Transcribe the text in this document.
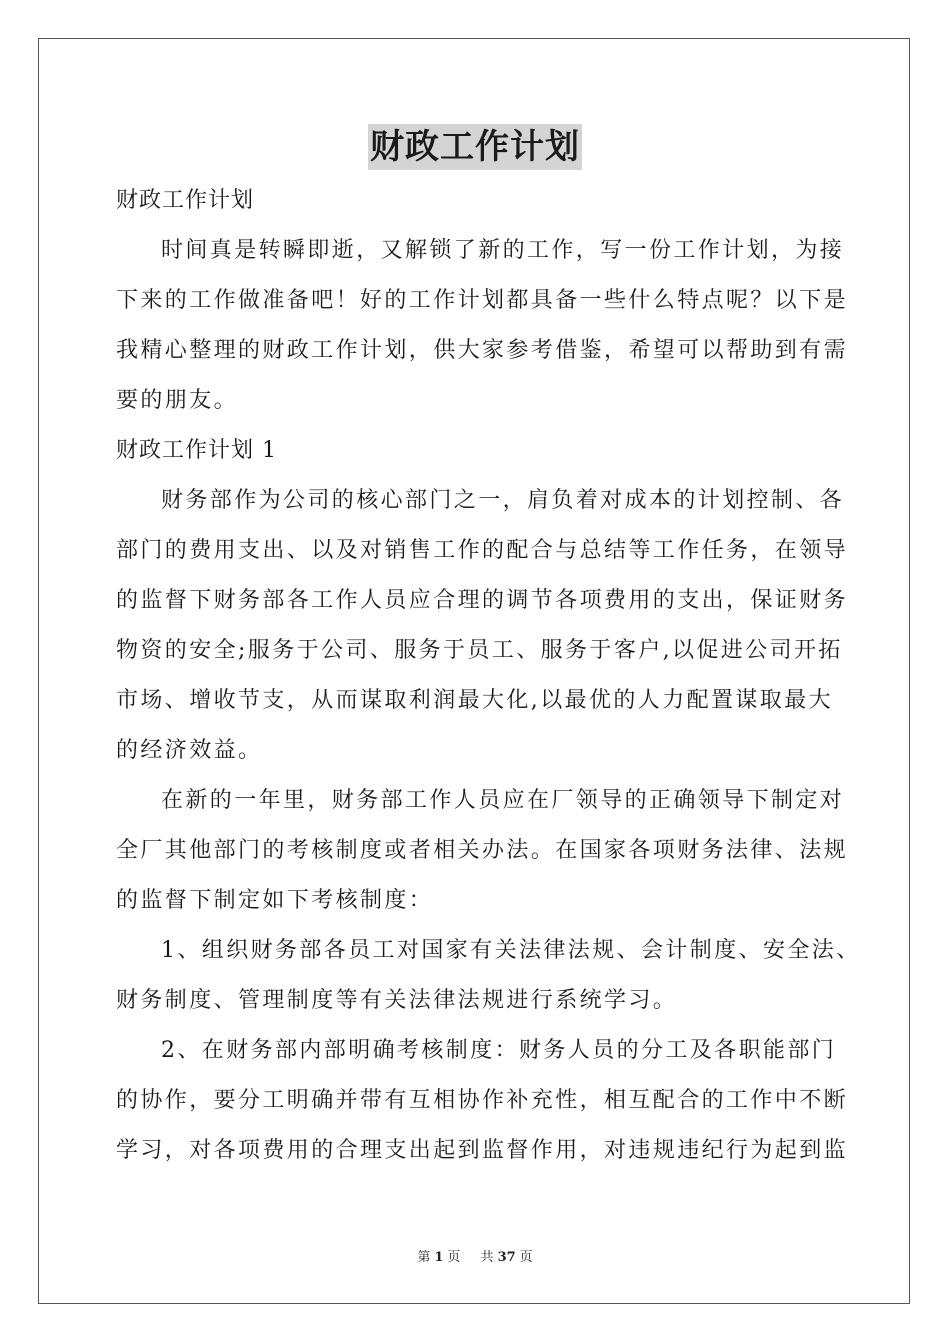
财政工作计划
财政工作计划
时间真是转瞬即逝，又解锁了新的工作，写一份工作计划，为接
下来的工作做准备吧！好的工作计划都具备一些什么特点呢？以下是
我精心整理的财政工作计划，供大家参考借鉴，希望可以帮助到有需
要的朋友。
财政工作计划 1
财务部作为公司的核心部门之一，肩负着对成本的计划控制、各
部门的费用支出、以及对销售工作的配合与总结等工作任务，在领导
的监督下财务部各工作人员应合理的调节各项费用的支出，保证财务
物资的安全;服务于公司、服务于员工、服务于客户,以促进公司开拓
市场、增收节支，从而谋取利润最大化,以最优的人力配置谋取最大
的经济效益。
在新的一年里，财务部工作人员应在厂领导的正确领导下制定对
全厂其他部门的考核制度或者相关办法。在国家各项财务法律、法规
的监督下制定如下考核制度：
1、组织财务部各员工对国家有关法律法规、会计制度、安全法、
财务制度、管理制度等有关法律法规进行系统学习。
2、在财务部内部明确考核制度：财务人员的分工及各职能部门
的协作，要分工明确并带有互相协作补充性，相互配合的工作中不断
学习，对各项费用的合理支出起到监督作用，对违规违纪行为起到监
第 1 页 共 37 页
